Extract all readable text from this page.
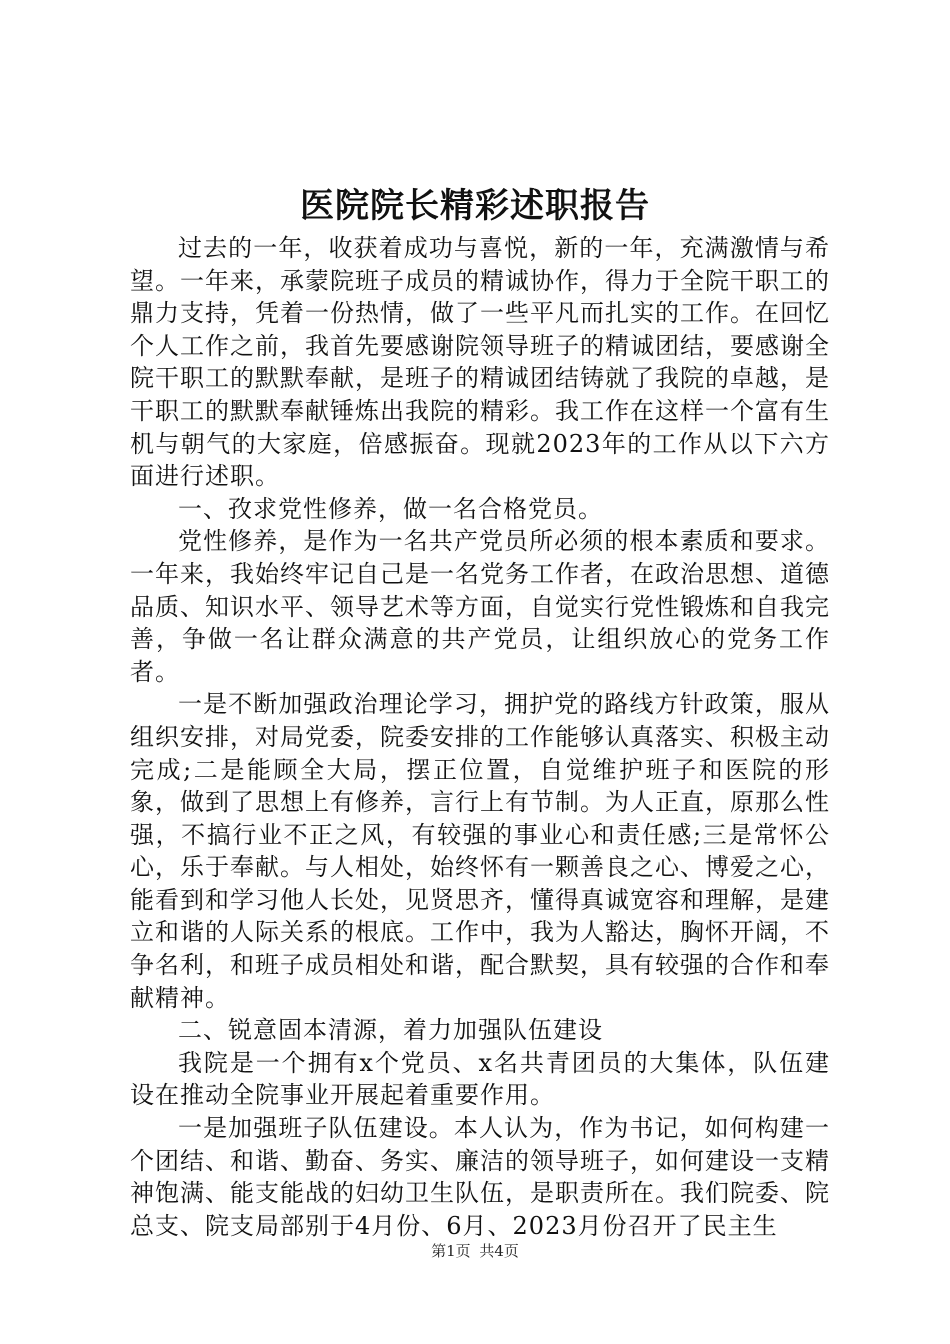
医院院长精彩述职报告

过去的一年，收获着成功与喜悦，新的一年，充满激情与希望。一年来，承蒙院班子成员的精诚协作，得力于全院干职工的鼎力支持，凭着一份热情，做了一些平凡而扎实的工作。在回忆个人工作之前，我首先要感谢院领导班子的精诚团结，要感谢全院干职工的默默奉献，是班子的精诚团结铸就了我院的卓越，是干职工的默默奉献锤炼出我院的精彩。我工作在这样一个富有生机与朝气的大家庭，倍感振奋。现就2023年的工作从以下六方面进行述职。

一、孜求党性修养，做一名合格党员。

党性修养，是作为一名共产党员所必须的根本素质和要求。一年来，我始终牢记自己是一名党务工作者，在政治思想、道德品质、知识水平、领导艺术等方面，自觉实行党性锻炼和自我完善，争做一名让群众满意的共产党员，让组织放心的党务工作者。

一是不断加强政治理论学习，拥护党的路线方针政策，服从组织安排，对局党委，院委安排的工作能够认真落实、积极主动完成;二是能顾全大局，摆正位置，自觉维护班子和医院的形象，做到了思想上有修养，言行上有节制。为人正直，原那么性强，不搞行业不正之风，有较强的事业心和责任感;三是常怀公心，乐于奉献。与人相处，始终怀有一颗善良之心、博爱之心，能看到和学习他人长处，见贤思齐，懂得真诚宽容和理解，是建立和谐的人际关系的根底。工作中，我为人豁达，胸怀开阔，不争名利，和班子成员相处和谐，配合默契，具有较强的合作和奉献精神。

二、锐意固本清源，着力加强队伍建设

我院是一个拥有x个党员、x名共青团员的大集体，队伍建设在推动全院事业开展起着重要作用。

一是加强班子队伍建设。本人认为，作为书记，如何构建一个团结、和谐、勤奋、务实、廉洁的领导班子，如何建设一支精神饱满、能支能战的妇幼卫生队伍，是职责所在。我们院委、院总支、院支局部别于4月份、6月、2023月份召开了民主生

第1页 共4页
